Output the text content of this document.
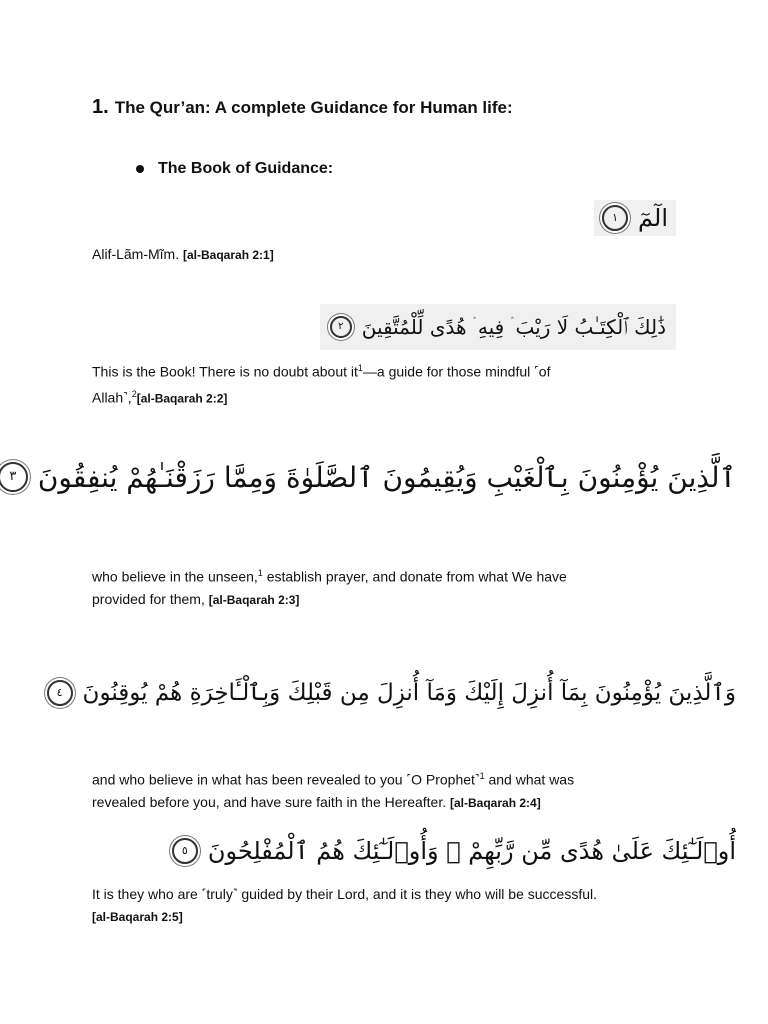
1. The Qur’an: A complete Guidance for Human life:
The Book of Guidance:
الٓمٓ
١
Alif-Lãm-Mĩm. [al-Baqarah 2:1]
ذَٰلِكَ ٱلْكِتَـٰبُ لَا رَيْبَ ۛ فِيهِ ۛ هُدًى لِّلْمُتَّقِينَ
٢
This is the Book! There is no doubt about $it^1—a$ guide for those mindful ˹of
Allah˺,$^2$[al-Baqarah 2:2]
ٱلَّذِينَ يُؤْمِنُونَ بِٱلْغَيْبِ وَيُقِيمُونَ ٱلصَّلَوٰةَ وَمِمَّا رَزَقْنَـٰهُمْ يُنفِقُونَ
٣
who believe in the unseen,$^1$ establish prayer, and donate from what We have
provided for them, [al-Baqarah 2:3]
وَٱلَّذِينَ يُؤْمِنُونَ بِمَآ أُنزِلَ إِلَيْكَ وَمَآ أُنزِلَ مِن قَبْلِكَ وَبِٱلْـَٔاخِرَةِ هُمْ يُوقِنُونَ
٤
and who believe in what has been revealed to you ˹O Prophet˺$^1$ and what was
revealed before you, and have sure faith in the Hereafter. [al-Baqarah 2:4]
أُو۟لَـٰٓئِكَ عَلَىٰ هُدًى مِّن رَّبِّهِمْ ۖ وَأُو۟لَـٰٓئِكَ هُمُ ٱلْمُفْلِحُونَ
٥
It is they who are ˹truly˺ guided by their Lord, and it is they who will be successful.
[al-Baqarah 2:5]
